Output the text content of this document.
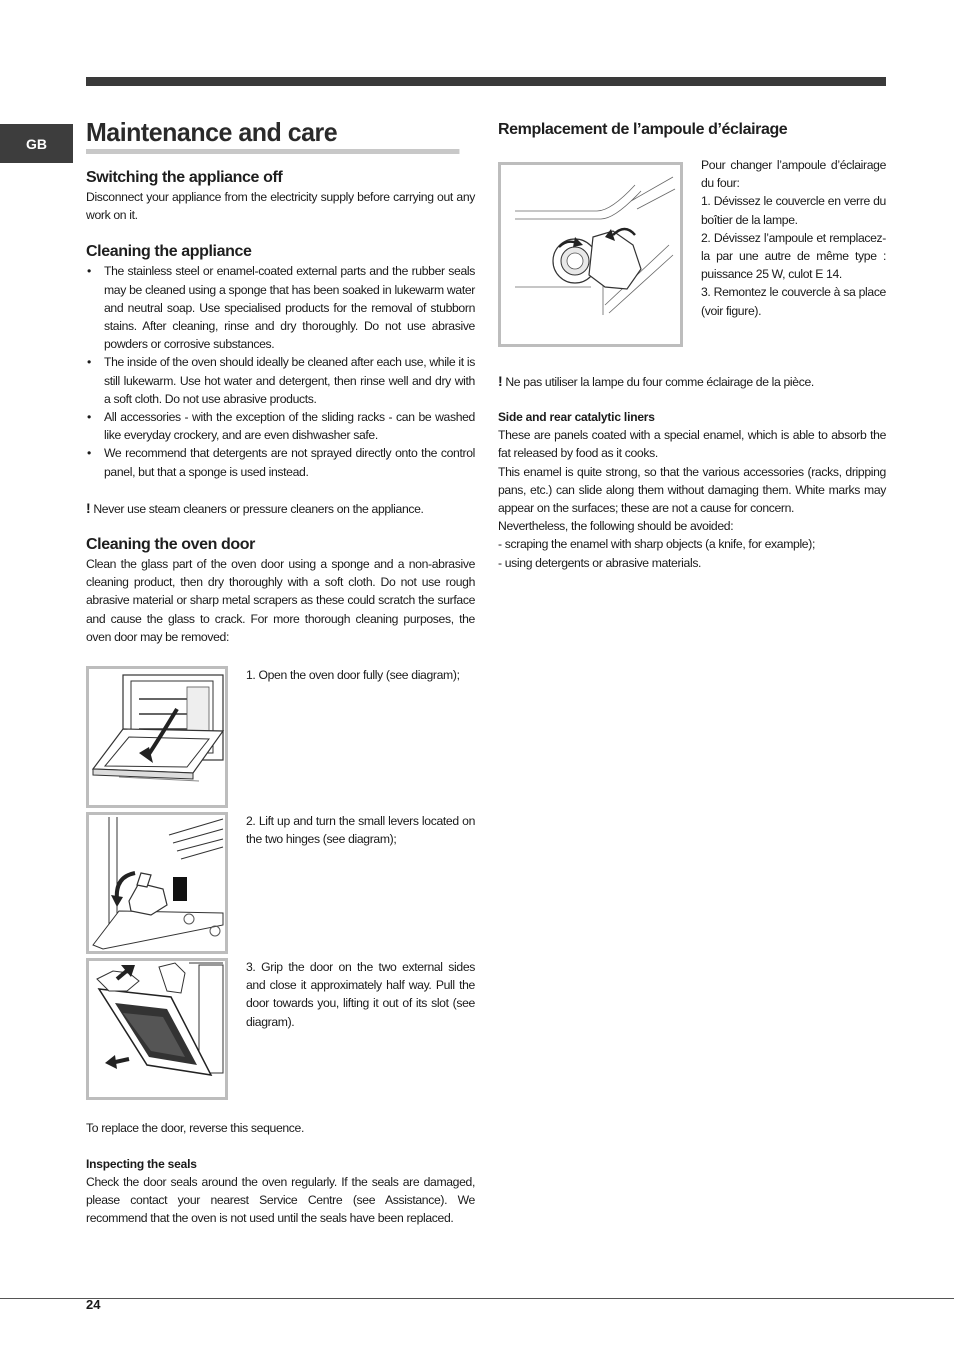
GB	Maintenance and care
Switching the appliance off

Disconnect your appliance from the electricity supply before carrying out any work on it.

Cleaning the appliance
• The stainless steel or enamel-coated external parts and the rubber seals may be cleaned using a sponge that has been soaked in lukewarm water and neutral soap. Use specialised products for the removal of stubborn stains. After cleaning, rinse and dry thoroughly. Do not use abrasive powders or corrosive substances.
• The inside of the oven should ideally be cleaned after each use, while it is still lukewarm. Use hot water and detergent, then rinse well and dry with a soft cloth. Do not use abrasive products.
• All accessories - with the exception of the sliding racks - can be washed like everyday crockery, and are even dishwasher safe.
• We recommend that detergents are not sprayed directly onto the control panel, but that a sponge is used instead.

! Never use steam cleaners or pressure cleaners on the appliance.

Cleaning the oven door

Clean the glass part of the oven door using a sponge and a non-abrasive cleaning product, then dry thoroughly with a soft cloth. Do not use rough abrasive material or sharp metal scrapers as these could scratch the surface and cause the glass to crack. For more thorough cleaning purposes, the oven door may be removed:

1. Open the oven door fully (see diagram);

2. Lift up and turn the small levers located on the two hinges (see diagram);

3. Grip the door on the two external sides and close it approximately half way. Pull the door towards you, lifting it out of its slot (see diagram).

To replace the door, reverse this sequence.

Inspecting the seals

Check the door seals around the oven regularly. If the seals are damaged, please contact your nearest Service Centre (see Assistance). We recommend that the oven is not used until the seals have been replaced.

Remplacement de l’ampoule d’éclairage

Pour changer l’ampoule d’éclairage du four:

1. Dévissez le couvercle en verre du boîtier de la lampe.

2. Dévissez l’ampoule et remplacez-la par une autre de même type : puissance 25 W, culot E 14.

3. Remontez le couvercle à sa place (voir figure).

! Ne pas utiliser la lampe du four comme éclairage de la pièce.

Side and rear catalytic liners

These are panels coated with a special enamel, which is able to absorb the fat released by food as it cooks.

This enamel is quite strong, so that the various accessories (racks, dripping pans, etc.) can slide along them without damaging them. White marks may appear on the surfaces; these are not a cause for concern.

Nevertheless, the following should be avoided:

- scraping the enamel with sharp objects (a knife, for example);

- using detergents or abrasive materials.

24
